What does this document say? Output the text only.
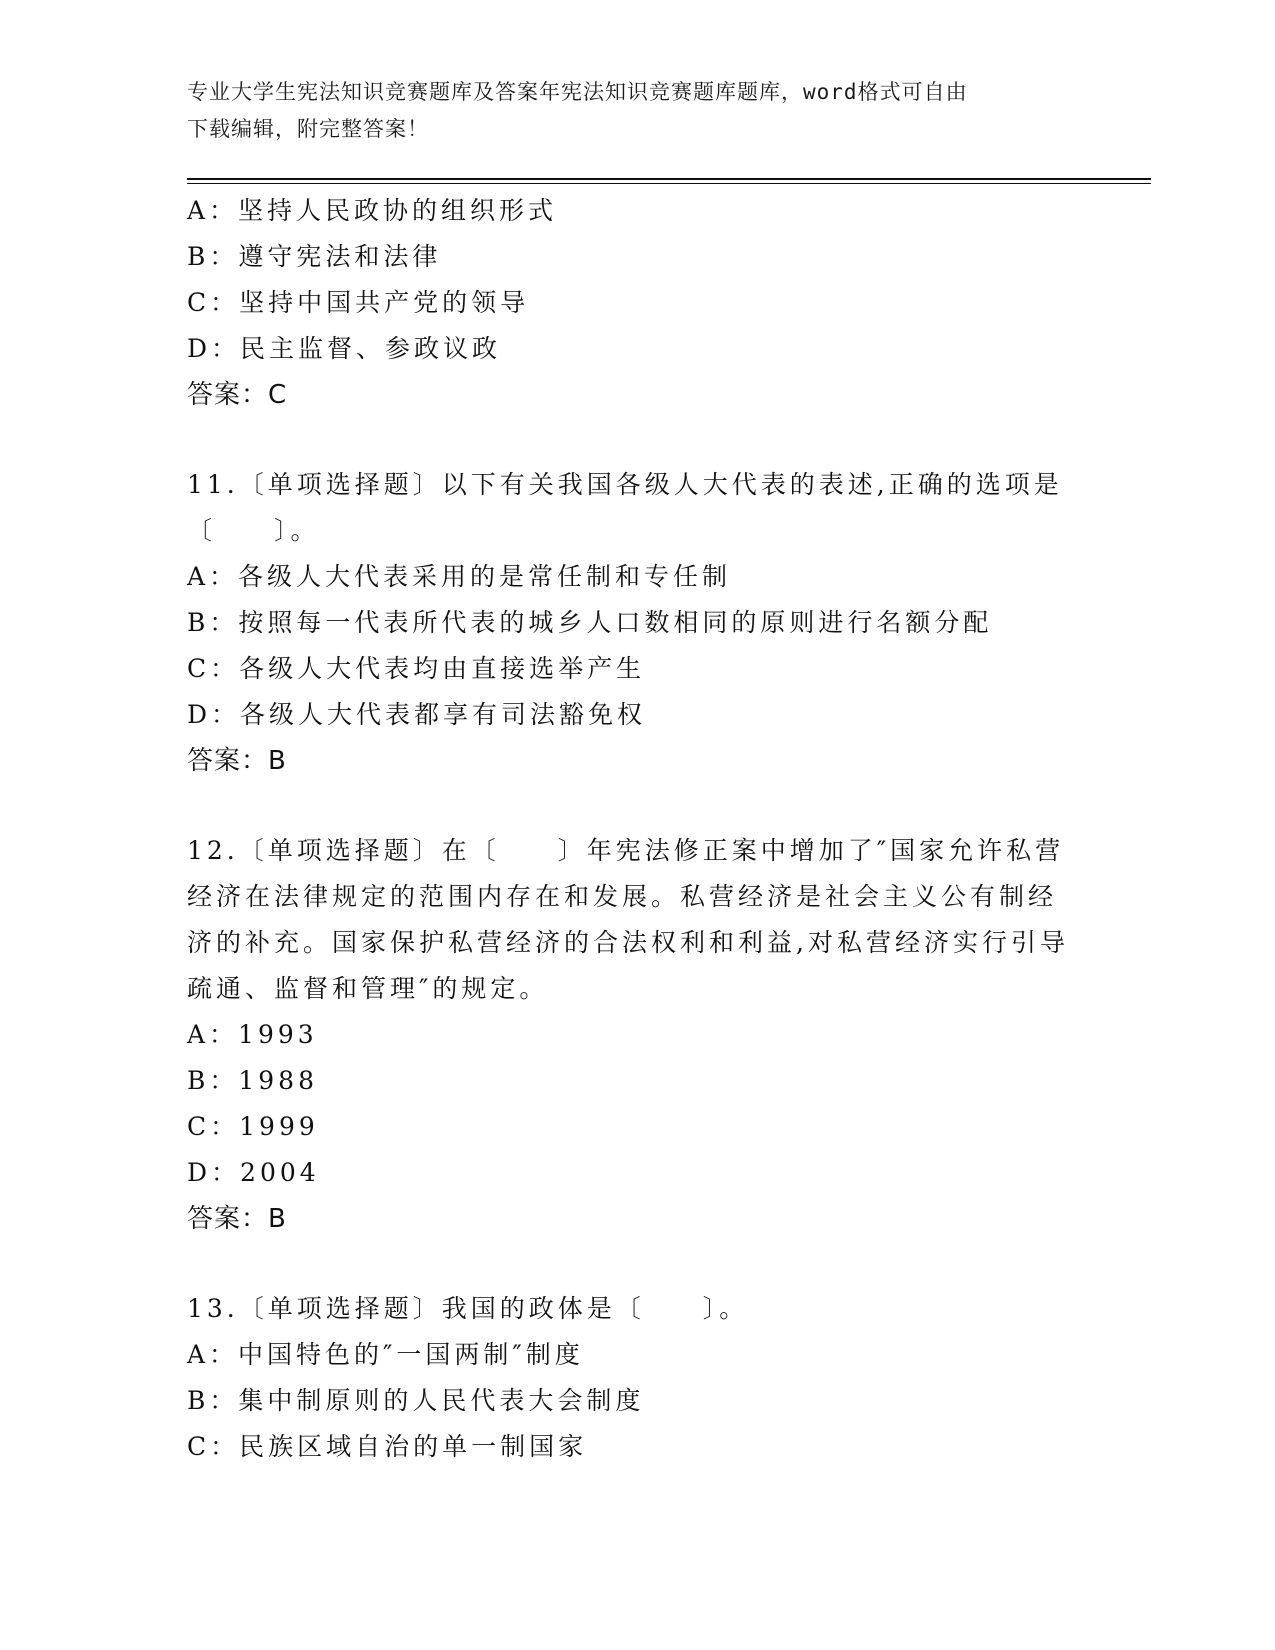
专业大学生宪法知识竞赛题库及答案年宪法知识竞赛题库题库，word格式可自由
下载编辑，附完整答案！
A：坚持人民政协的组织形式
B：遵守宪法和法律
C：坚持中国共产党的领导
D：民主监督、参政议政
答案：C
11.〔单项选择题〕以下有关我国各级人大代表的表述,正确的选项是
〔　　〕。
A：各级人大代表采用的是常任制和专任制
B：按照每一代表所代表的城乡人口数相同的原则进行名额分配
C：各级人大代表均由直接选举产生
D：各级人大代表都享有司法豁免权
答案：B
12.〔单项选择题〕在〔　　〕年宪法修正案中增加了″国家允许私营
经济在法律规定的范围内存在和发展。私营经济是社会主义公有制经
济的补充。国家保护私营经济的合法权利和利益,对私营经济实行引导
疏通、监督和管理″的规定。
A：1993
B：1988
C：1999
D：2004
答案：B
13.〔单项选择题〕我国的政体是〔　　〕。
A：中国特色的″一国两制″制度
B：集中制原则的人民代表大会制度
C：民族区域自治的单一制国家
